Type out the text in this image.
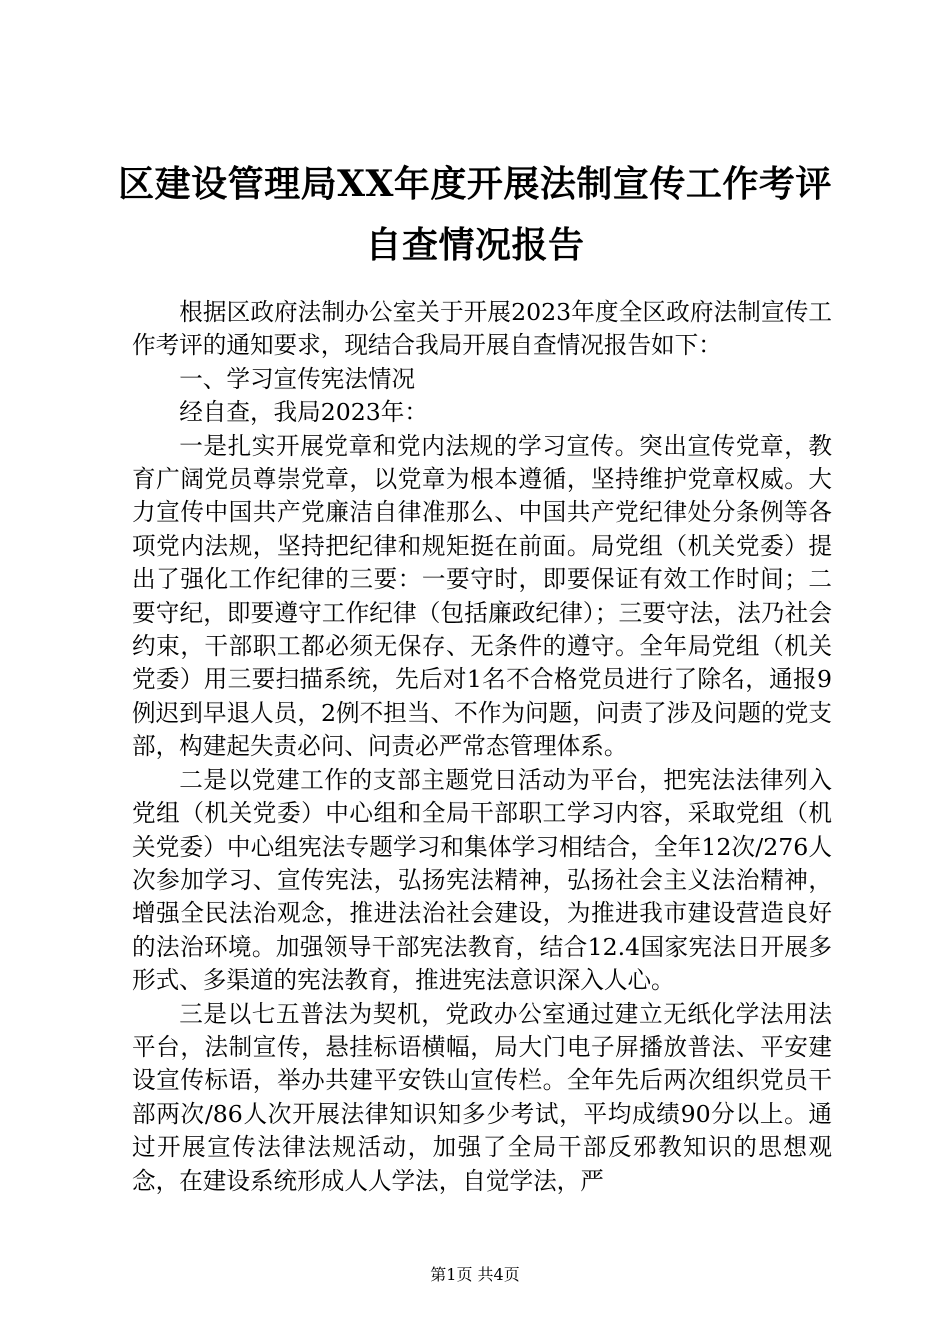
区建设管理局XX年度开展法制宣传工作考评
自查情况报告

根据区政府法制办公室关于开展2023年度全区政府法制宣传工作考评的通知要求，现结合我局开展自查情况报告如下：

一、学习宣传宪法情况

经自查，我局2023年：

一是扎实开展党章和党内法规的学习宣传。突出宣传党章，教育广阔党员尊崇党章，以党章为根本遵循，坚持维护党章权威。大力宣传中国共产党廉洁自律准那么、中国共产党纪律处分条例等各项党内法规，坚持把纪律和规矩挺在前面。局党组（机关党委）提出了强化工作纪律的三要：一要守时，即要保证有效工作时间；二要守纪，即要遵守工作纪律（包括廉政纪律）；三要守法，法乃社会约束，干部职工都必须无保存、无条件的遵守。全年局党组（机关党委）用三要扫描系统，先后对1名不合格党员进行了除名，通报9例迟到早退人员，2例不担当、不作为问题，问责了涉及问题的党支部，构建起失责必问、问责必严常态管理体系。

二是以党建工作的支部主题党日活动为平台，把宪法法律列入党组（机关党委）中心组和全局干部职工学习内容，采取党组（机关党委）中心组宪法专题学习和集体学习相结合，全年12次/276人次参加学习、宣传宪法，弘扬宪法精神，弘扬社会主义法治精神，增强全民法治观念，推进法治社会建设，为推进我市建设营造良好的法治环境。加强领导干部宪法教育，结合12.4国家宪法日开展多形式、多渠道的宪法教育，推进宪法意识深入人心。

三是以七五普法为契机，党政办公室通过建立无纸化学法用法平台，法制宣传，悬挂标语横幅，局大门电子屏播放普法、平安建设宣传标语，举办共建平安铁山宣传栏。全年先后两次组织党员干部两次/86人次开展法律知识知多少考试，平均成绩90分以上。通过开展宣传法律法规活动，加强了全局干部反邪教知识的思想观念，在建设系统形成人人学法，自觉学法，严

第1页 共4页
